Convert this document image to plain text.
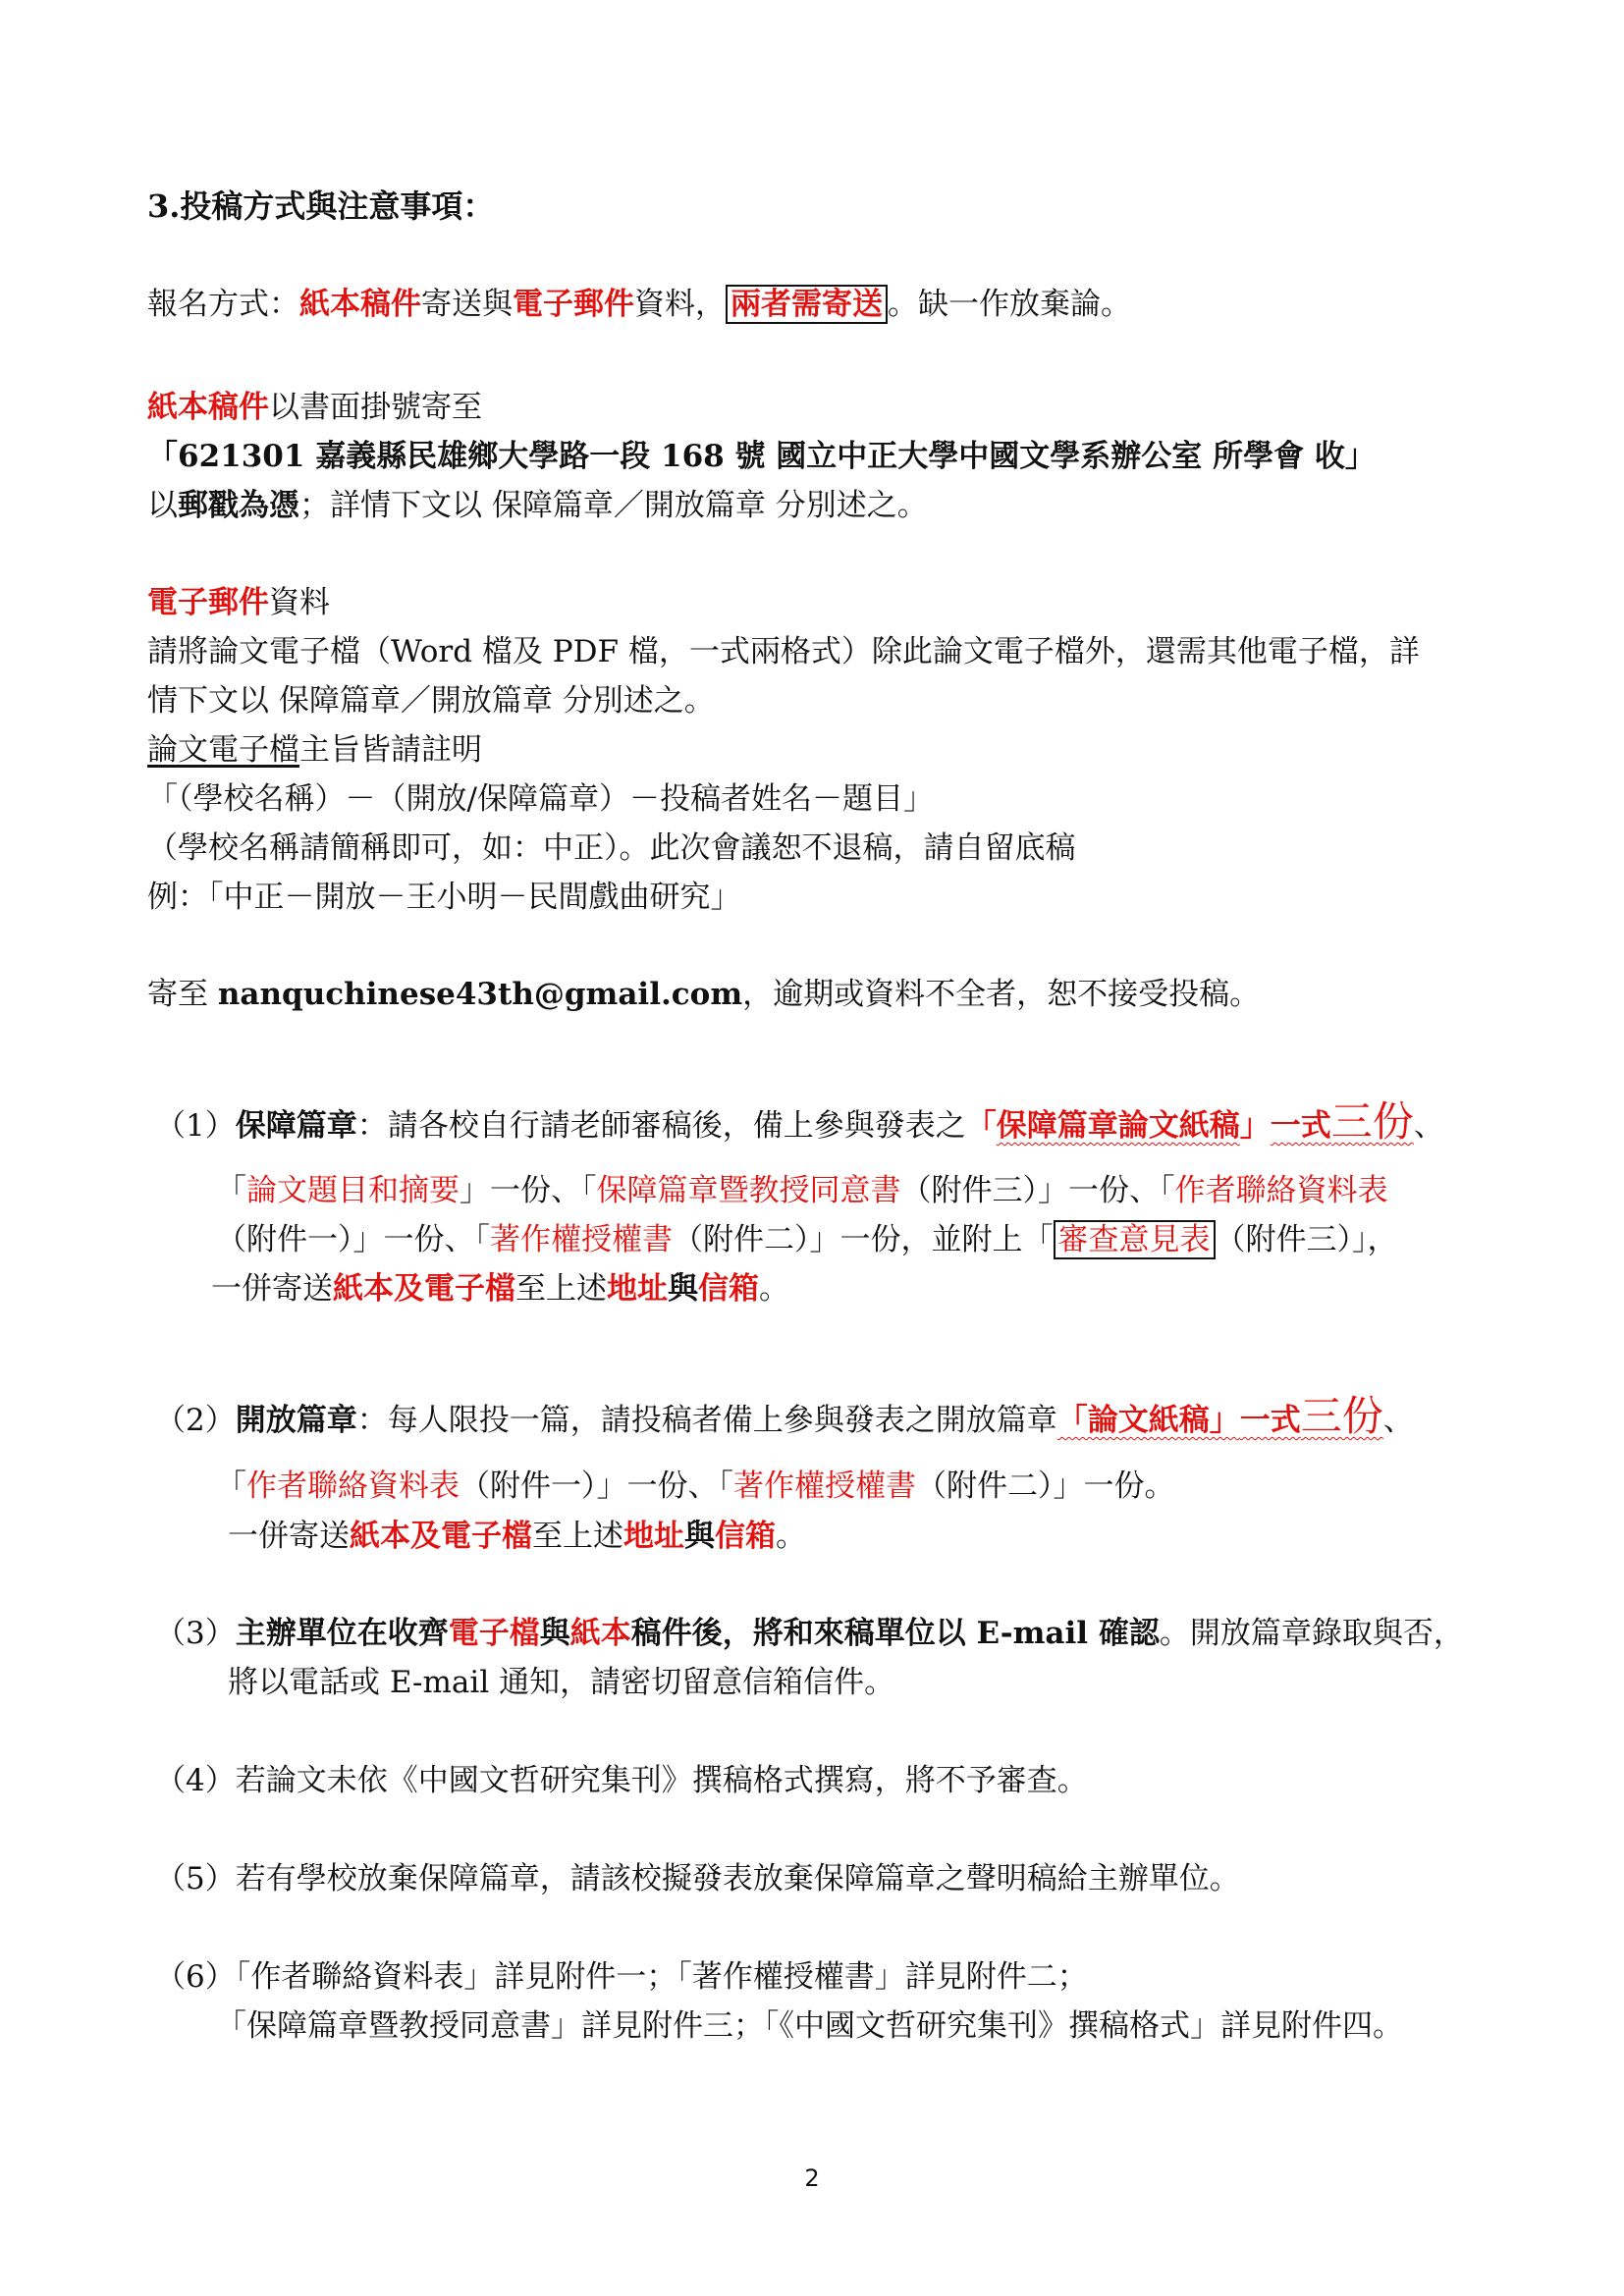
3.投稿方式與注意事項：
報名方式：紙本稿件寄送與電子郵件資料， 兩者需寄送 。缺一作放棄論。
紙本稿件以書面掛號寄至
「621301 嘉義縣民雄鄉大學路一段 168 號 國立中正大學中國文學系辦公室 所學會 收」
以郵戳為憑；詳情下文以 保障篇章／開放篇章 分別述之。
電子郵件資料
請將論文電子檔（Word 檔及 PDF 檔，一式兩格式）除此論文電子檔外，還需其他電子檔，詳
情下文以 保障篇章／開放篇章 分別述之。
論文電子檔主旨皆請註明
「（學校名稱）－（開放/保障篇章）－投稿者姓名－題目」
（學校名稱請簡稱即可，如：中正）。此次會議恕不退稿，請自留底稿
例：「中正－開放－王小明－民間戲曲研究」
寄至 nanquchinese43th@gmail.com，逾期或資料不全者，恕不接受投稿。
（1）保障篇章：請各校自行請老師審稿後，備上參與發表之「保障篇章論文紙稿」一式三份、
「論文題目和摘要」一份、「保障篇章暨教授同意書（附件三）」一份、「作者聯絡資料表
（附件一）」一份、「著作權授權書（附件二）」一份，並附上「 審查意見表 （附件三）」，
一併寄送紙本及電子檔至上述地址與信箱。
（2）開放篇章：每人限投一篇，請投稿者備上參與發表之開放篇章「論文紙稿」一式三份、
「作者聯絡資料表（附件一）」一份、「著作權授權書（附件二）」一份。
一併寄送紙本及電子檔至上述地址與信箱。
（3）主辦單位在收齊電子檔與紙本稿件後，將和來稿單位以 E-mail 確認。開放篇章錄取與否，
將以電話或 E-mail 通知，請密切留意信箱信件。
（4）若論文未依《中國文哲研究集刊》撰稿格式撰寫，將不予審查。
（5）若有學校放棄保障篇章，請該校擬發表放棄保障篇章之聲明稿給主辦單位。
（6）「作者聯絡資料表」詳見附件一；「著作權授權書」詳見附件二；
「保障篇章暨教授同意書」詳見附件三；「《中國文哲研究集刊》撰稿格式」詳見附件四。
2
